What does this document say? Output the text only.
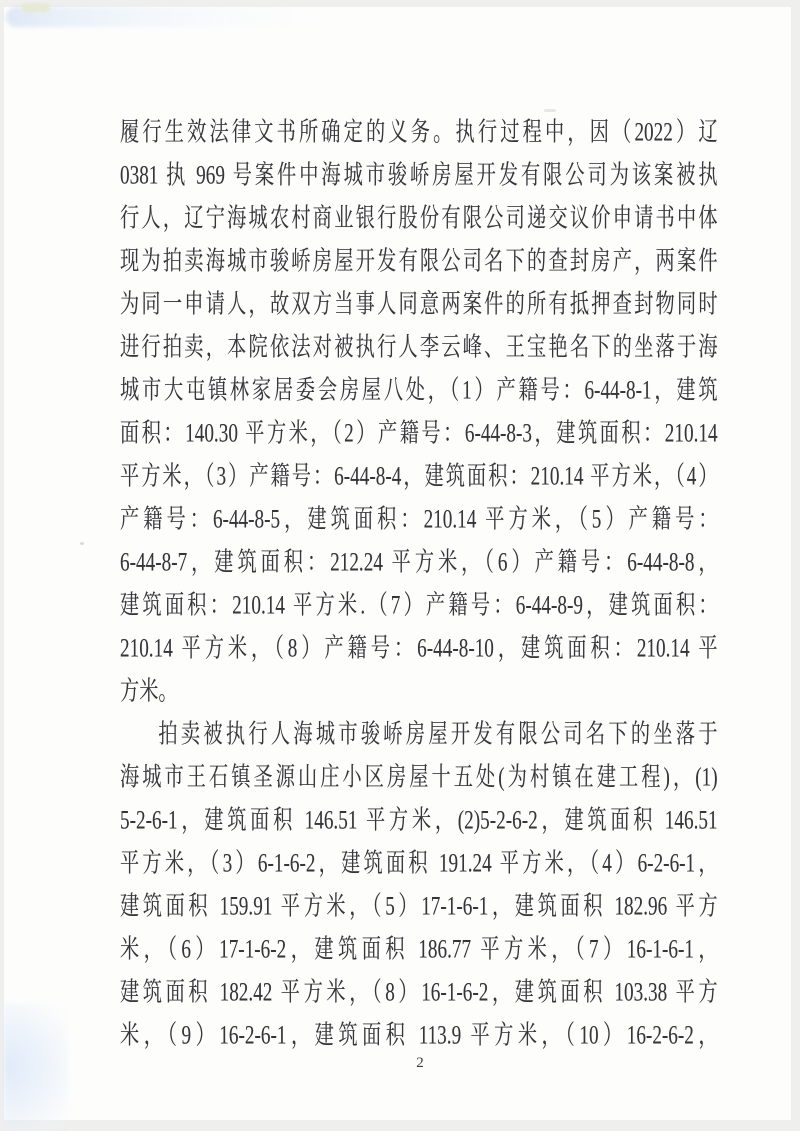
履行生效法律文书所确定的义务。执行过程中，因（2022）辽
0381 执 969 号案件中海城市骏峤房屋开发有限公司为该案被执
行人，辽宁海城农村商业银行股份有限公司递交议价申请书中体
现为拍卖海城市骏峤房屋开发有限公司名下的查封房产，两案件
为同一申请人，故双方当事人同意两案件的所有抵押查封物同时
进行拍卖，本院依法对被执行人李云峰、王宝艳名下的坐落于海
城市大屯镇林家居委会房屋八处，（1）产籍号：6-44-8-1，建筑
面积：140.30 平方米，（2）产籍号：6-44-8-3，建筑面积：210.14
平方米，（3）产籍号：6-44-8-4，建筑面积：210.14 平方米，（4）
产籍号：6-44-8-5，建筑面积：210.14 平方米，（5）产籍号：
6-44-8-7，建筑面积：212.24 平方米，（6）产籍号：6-44-8-8，
建筑面积：210.14 平方米.（7）产籍号：6-44-8-9，建筑面积：
210.14 平方米，（8）产籍号：6-44-8-10，建筑面积：210.14 平
方米。
拍卖被执行人海城市骏峤房屋开发有限公司名下的坐落于
海城市王石镇圣源山庄小区房屋十五处(为村镇在建工程)，(1)
5-2-6-1，建筑面积 146.51 平方米，(2)5-2-6-2，建筑面积 146.51
平方米，（3）6-1-6-2，建筑面积 191.24 平方米，（4）6-2-6-1，
建筑面积 159.91 平方米，（5）17-1-6-1，建筑面积 182.96 平方
米，（6）17-1-6-2，建筑面积 186.77 平方米，（7）16-1-6-1，
建筑面积 182.42 平方米，（8）16-1-6-2，建筑面积 103.38 平方
米，（9）16-2-6-1，建筑面积 113.9 平方米，（10）16-2-6-2，
2
